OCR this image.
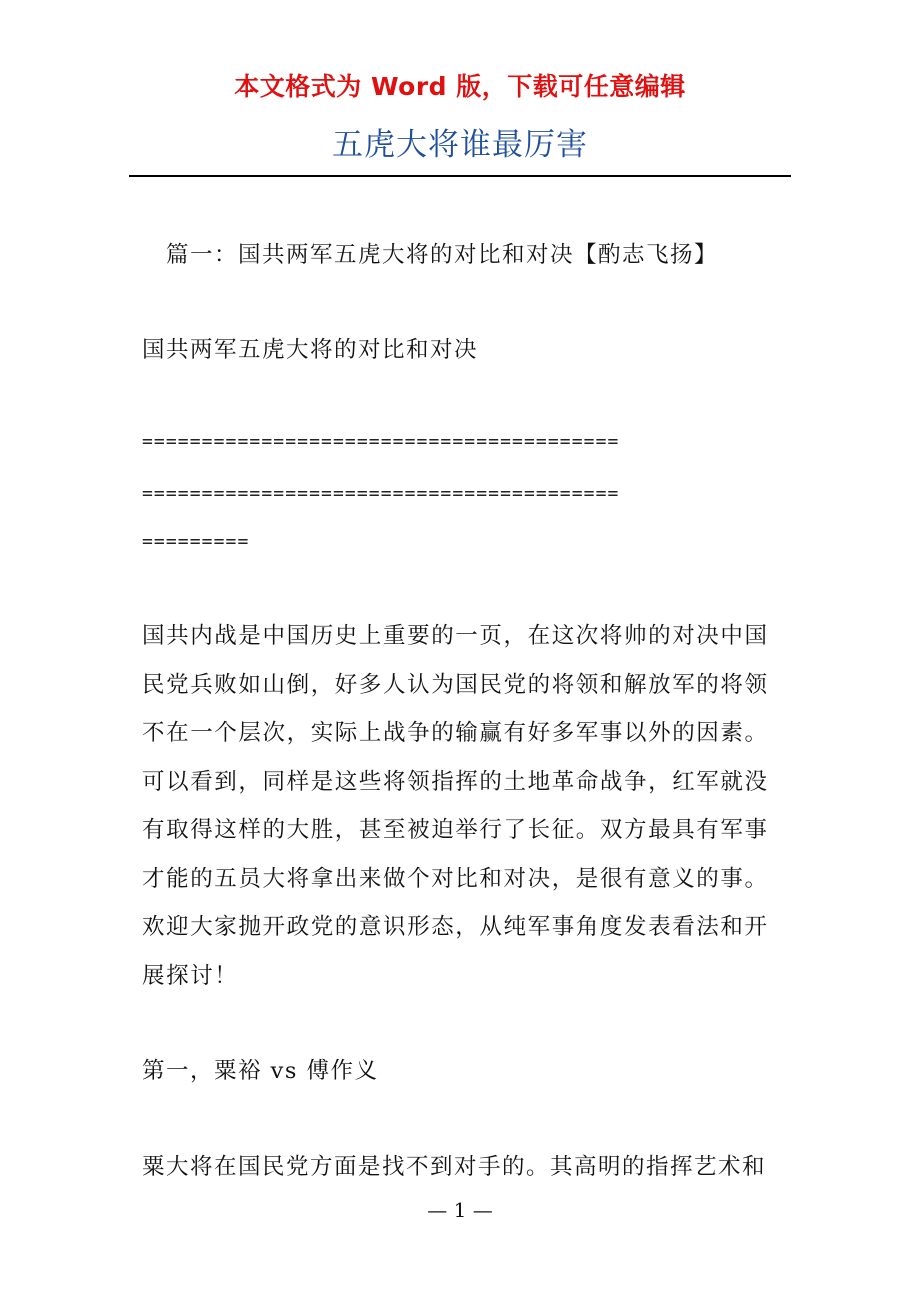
本文格式为 Word 版，下载可任意编辑
五虎大将谁最厉害
篇一：国共两军五虎大将的对比和对决【酌志飞扬】
国共两军五虎大将的对比和对决
========================================
========================================
=========
国共内战是中国历史上重要的一页，在这次将帅的对决中国
民党兵败如山倒，好多人认为国民党的将领和解放军的将领
不在一个层次，实际上战争的输赢有好多军事以外的因素。
可以看到，同样是这些将领指挥的土地革命战争，红军就没
有取得这样的大胜，甚至被迫举行了长征。双方最具有军事
才能的五员大将拿出来做个对比和对决，是很有意义的事。
欢迎大家抛开政党的意识形态，从纯军事角度发表看法和开
展探讨！
第一，粟裕 vs 傅作义
粟大将在国民党方面是找不到对手的。其高明的指挥艺术和
— 1 —
